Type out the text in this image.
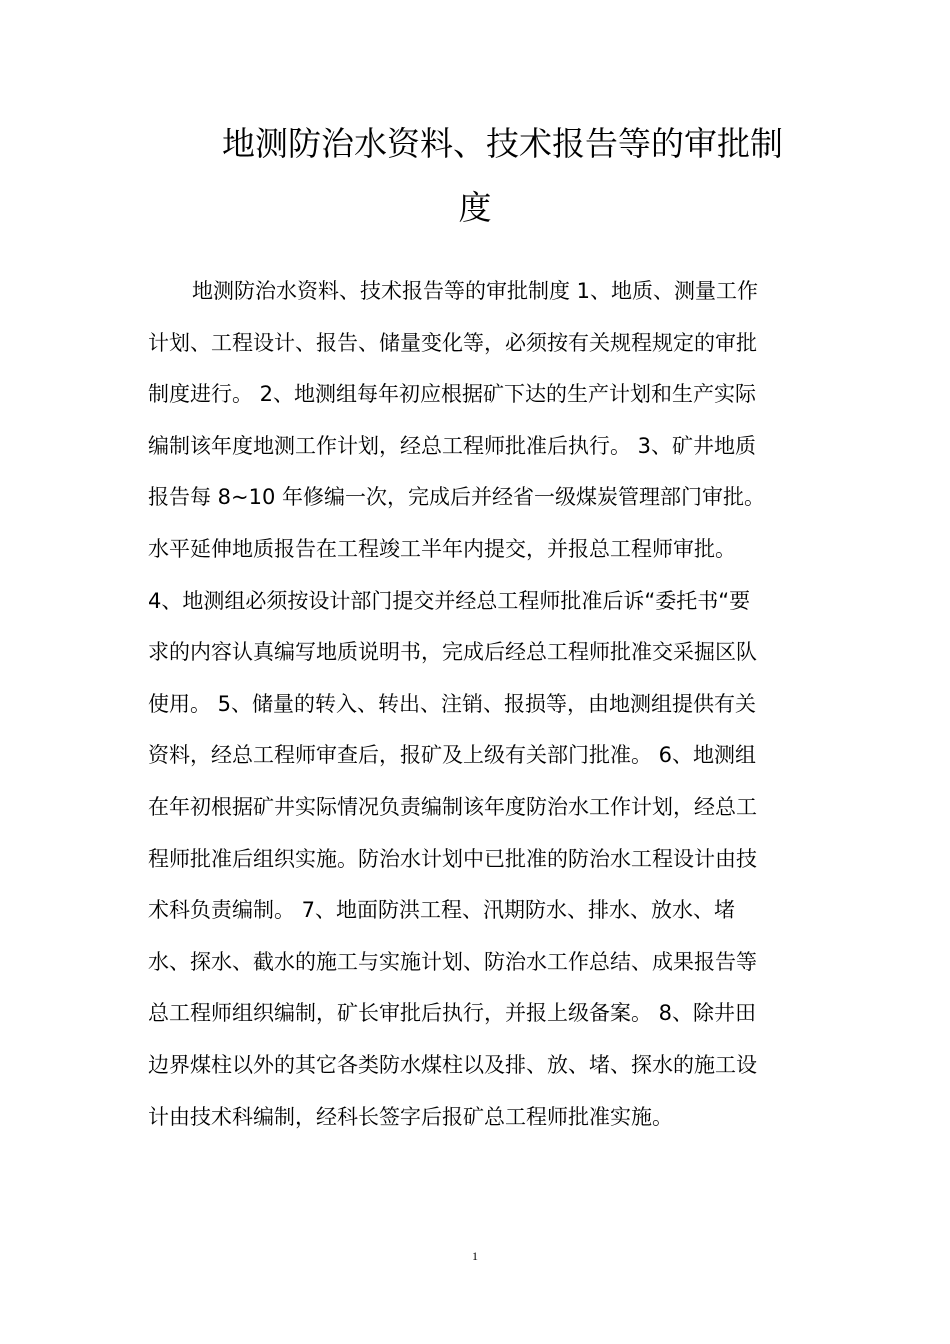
地测防治水资料、技术报告等的审批制
度
地测防治水资料、技术报告等的审批制度 1、地质、测量工作
计划、工程设计、报告、储量变化等，必须按有关规程规定的审批
制度进行。 2、地测组每年初应根据矿下达的生产计划和生产实际
编制该年度地测工作计划，经总工程师批准后执行。 3、矿井地质
报告每 8~10 年修编一次，完成后并经省一级煤炭管理部门审批。
水平延伸地质报告在工程竣工半年内提交，并报总工程师审批。
4、地测组必须按设计部门提交并经总工程师批准后诉“委托书“要
求的内容认真编写地质说明书，完成后经总工程师批准交采掘区队
使用。 5、储量的转入、转出、注销、报损等，由地测组提供有关
资料，经总工程师审查后，报矿及上级有关部门批准。 6、地测组
在年初根据矿井实际情况负责编制该年度防治水工作计划，经总工
程师批准后组织实施。防治水计划中已批准的防治水工程设计由技
术科负责编制。 7、地面防洪工程、汛期防水、排水、放水、堵
水、探水、截水的施工与实施计划、防治水工作总结、成果报告等
总工程师组织编制，矿长审批后执行，并报上级备案。 8、除井田
边界煤柱以外的其它各类防水煤柱以及排、放、堵、探水的施工设
计由技术科编制，经科长签字后报矿总工程师批准实施。
1
